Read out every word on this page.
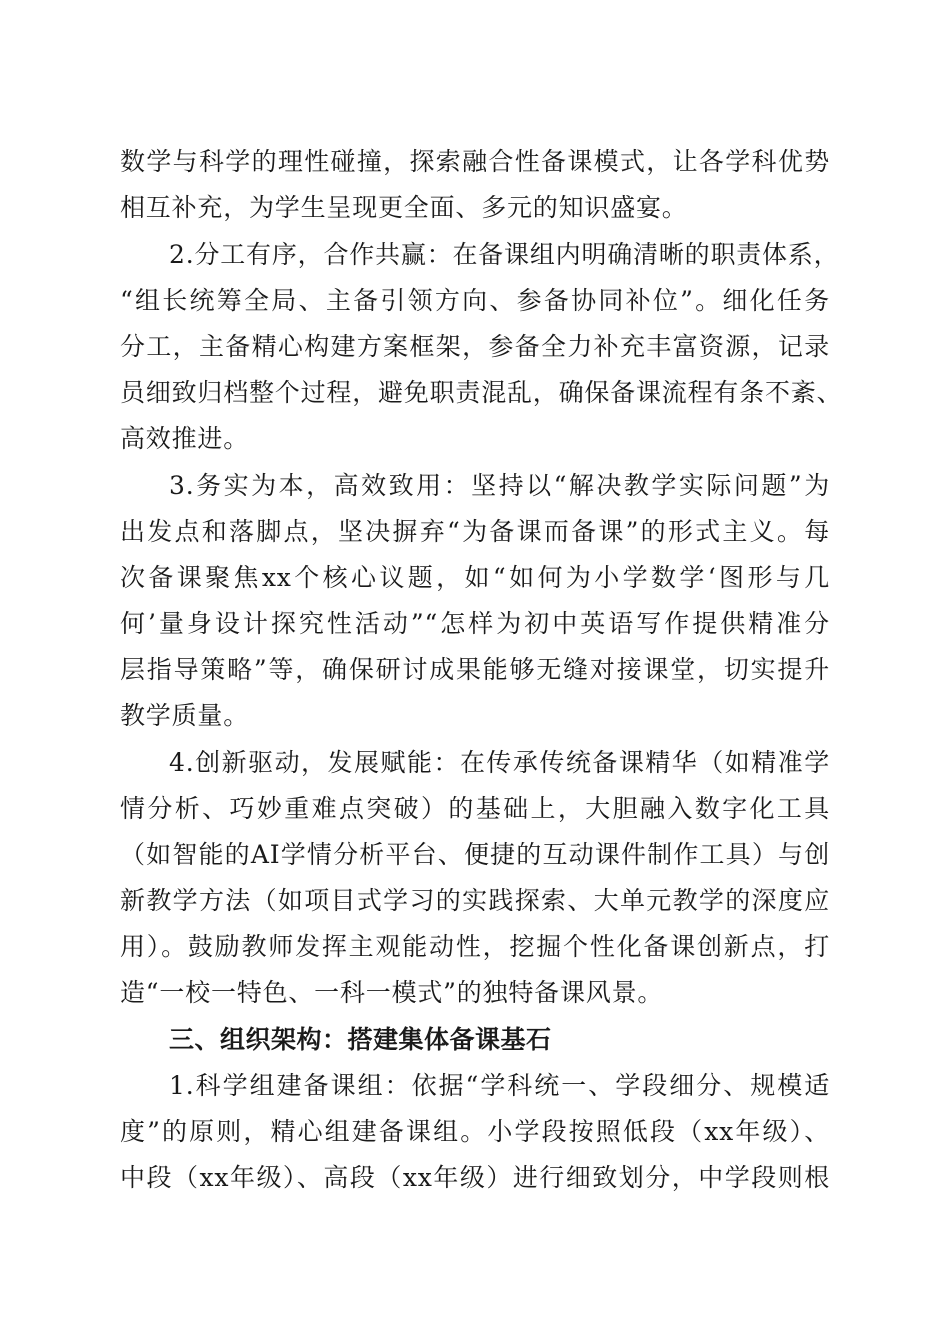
数学与科学的理性碰撞，探索融合性备课模式，让各学科优势
相互补充，为学生呈现更全面、多元的知识盛宴。
2.分工有序，合作共赢：在备课组内明确清晰的职责体系，
“组长统筹全局、主备引领方向、参备协同补位”。细化任务
分工，主备精心构建方案框架，参备全力补充丰富资源，记录
员细致归档整个过程，避免职责混乱，确保备课流程有条不紊、
高效推进。
3.务实为本，高效致用：坚持以“解决教学实际问题”为
出发点和落脚点，坚决摒弃“为备课而备课”的形式主义。每
次备课聚焦xx个核心议题，如“如何为小学数学‘图形与几
何’量身设计探究性活动”“怎样为初中英语写作提供精准分
层指导策略”等，确保研讨成果能够无缝对接课堂，切实提升
教学质量。
4.创新驱动，发展赋能：在传承传统备课精华（如精准学
情分析、巧妙重难点突破）的基础上，大胆融入数字化工具
（如智能的AI学情分析平台、便捷的互动课件制作工具）与创
新教学方法（如项目式学习的实践探索、大单元教学的深度应
用）。鼓励教师发挥主观能动性，挖掘个性化备课创新点，打
造“一校一特色、一科一模式”的独特备课风景。
三、组织架构：搭建集体备课基石
1.科学组建备课组：依据“学科统一、学段细分、规模适
度”的原则，精心组建备课组。小学段按照低段（xx年级）、
中段（xx年级）、高段（xx年级）进行细致划分，中学段则根
